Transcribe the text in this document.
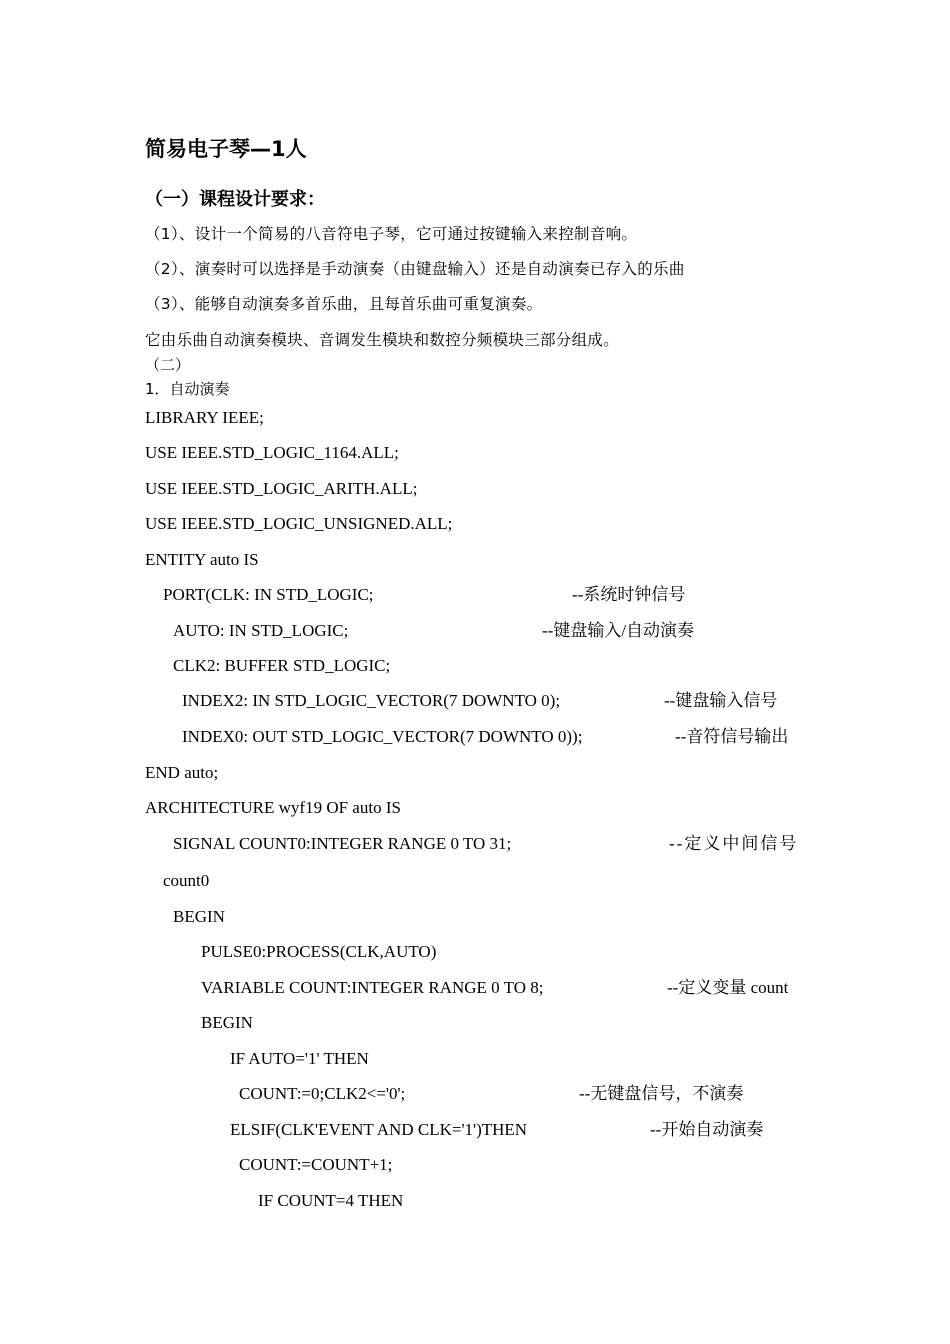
简易电子琴—1人
（一）课程设计要求：
（1）、设计一个简易的八音符电子琴，它可通过按键输入来控制音响。
（2）、演奏时可以选择是手动演奏（由键盘输入）还是自动演奏已存入的乐曲
（3）、能够自动演奏多首乐曲，且每首乐曲可重复演奏。
它由乐曲自动演奏模块、音调发生模块和数控分频模块三部分组成。
（二）
1．自动演奏
LIBRARY IEEE;
USE IEEE.STD_LOGIC_1164.ALL;
USE IEEE.STD_LOGIC_ARITH.ALL;
USE IEEE.STD_LOGIC_UNSIGNED.ALL;
ENTITY auto IS
PORT(CLK: IN STD_LOGIC;	--系统时钟信号
AUTO: IN STD_LOGIC;	--键盘输入/自动演奏
CLK2: BUFFER STD_LOGIC;
INDEX2: IN STD_LOGIC_VECTOR(7 DOWNTO 0);	--键盘输入信号
INDEX0: OUT STD_LOGIC_VECTOR(7 DOWNTO 0));	--音符信号输出
END auto;
ARCHITECTURE wyf19 OF auto IS
SIGNAL COUNT0:INTEGER RANGE 0 TO 31;	--定义中间信号
count0
BEGIN
PULSE0:PROCESS(CLK,AUTO)
VARIABLE COUNT:INTEGER RANGE 0 TO 8;	--定义变量 count
BEGIN
IF AUTO='1' THEN
COUNT:=0;CLK2<='0';	--无键盘信号，不演奏
ELSIF(CLK'EVENT AND CLK='1')THEN	--开始自动演奏
COUNT:=COUNT+1;
IF COUNT=4 THEN
